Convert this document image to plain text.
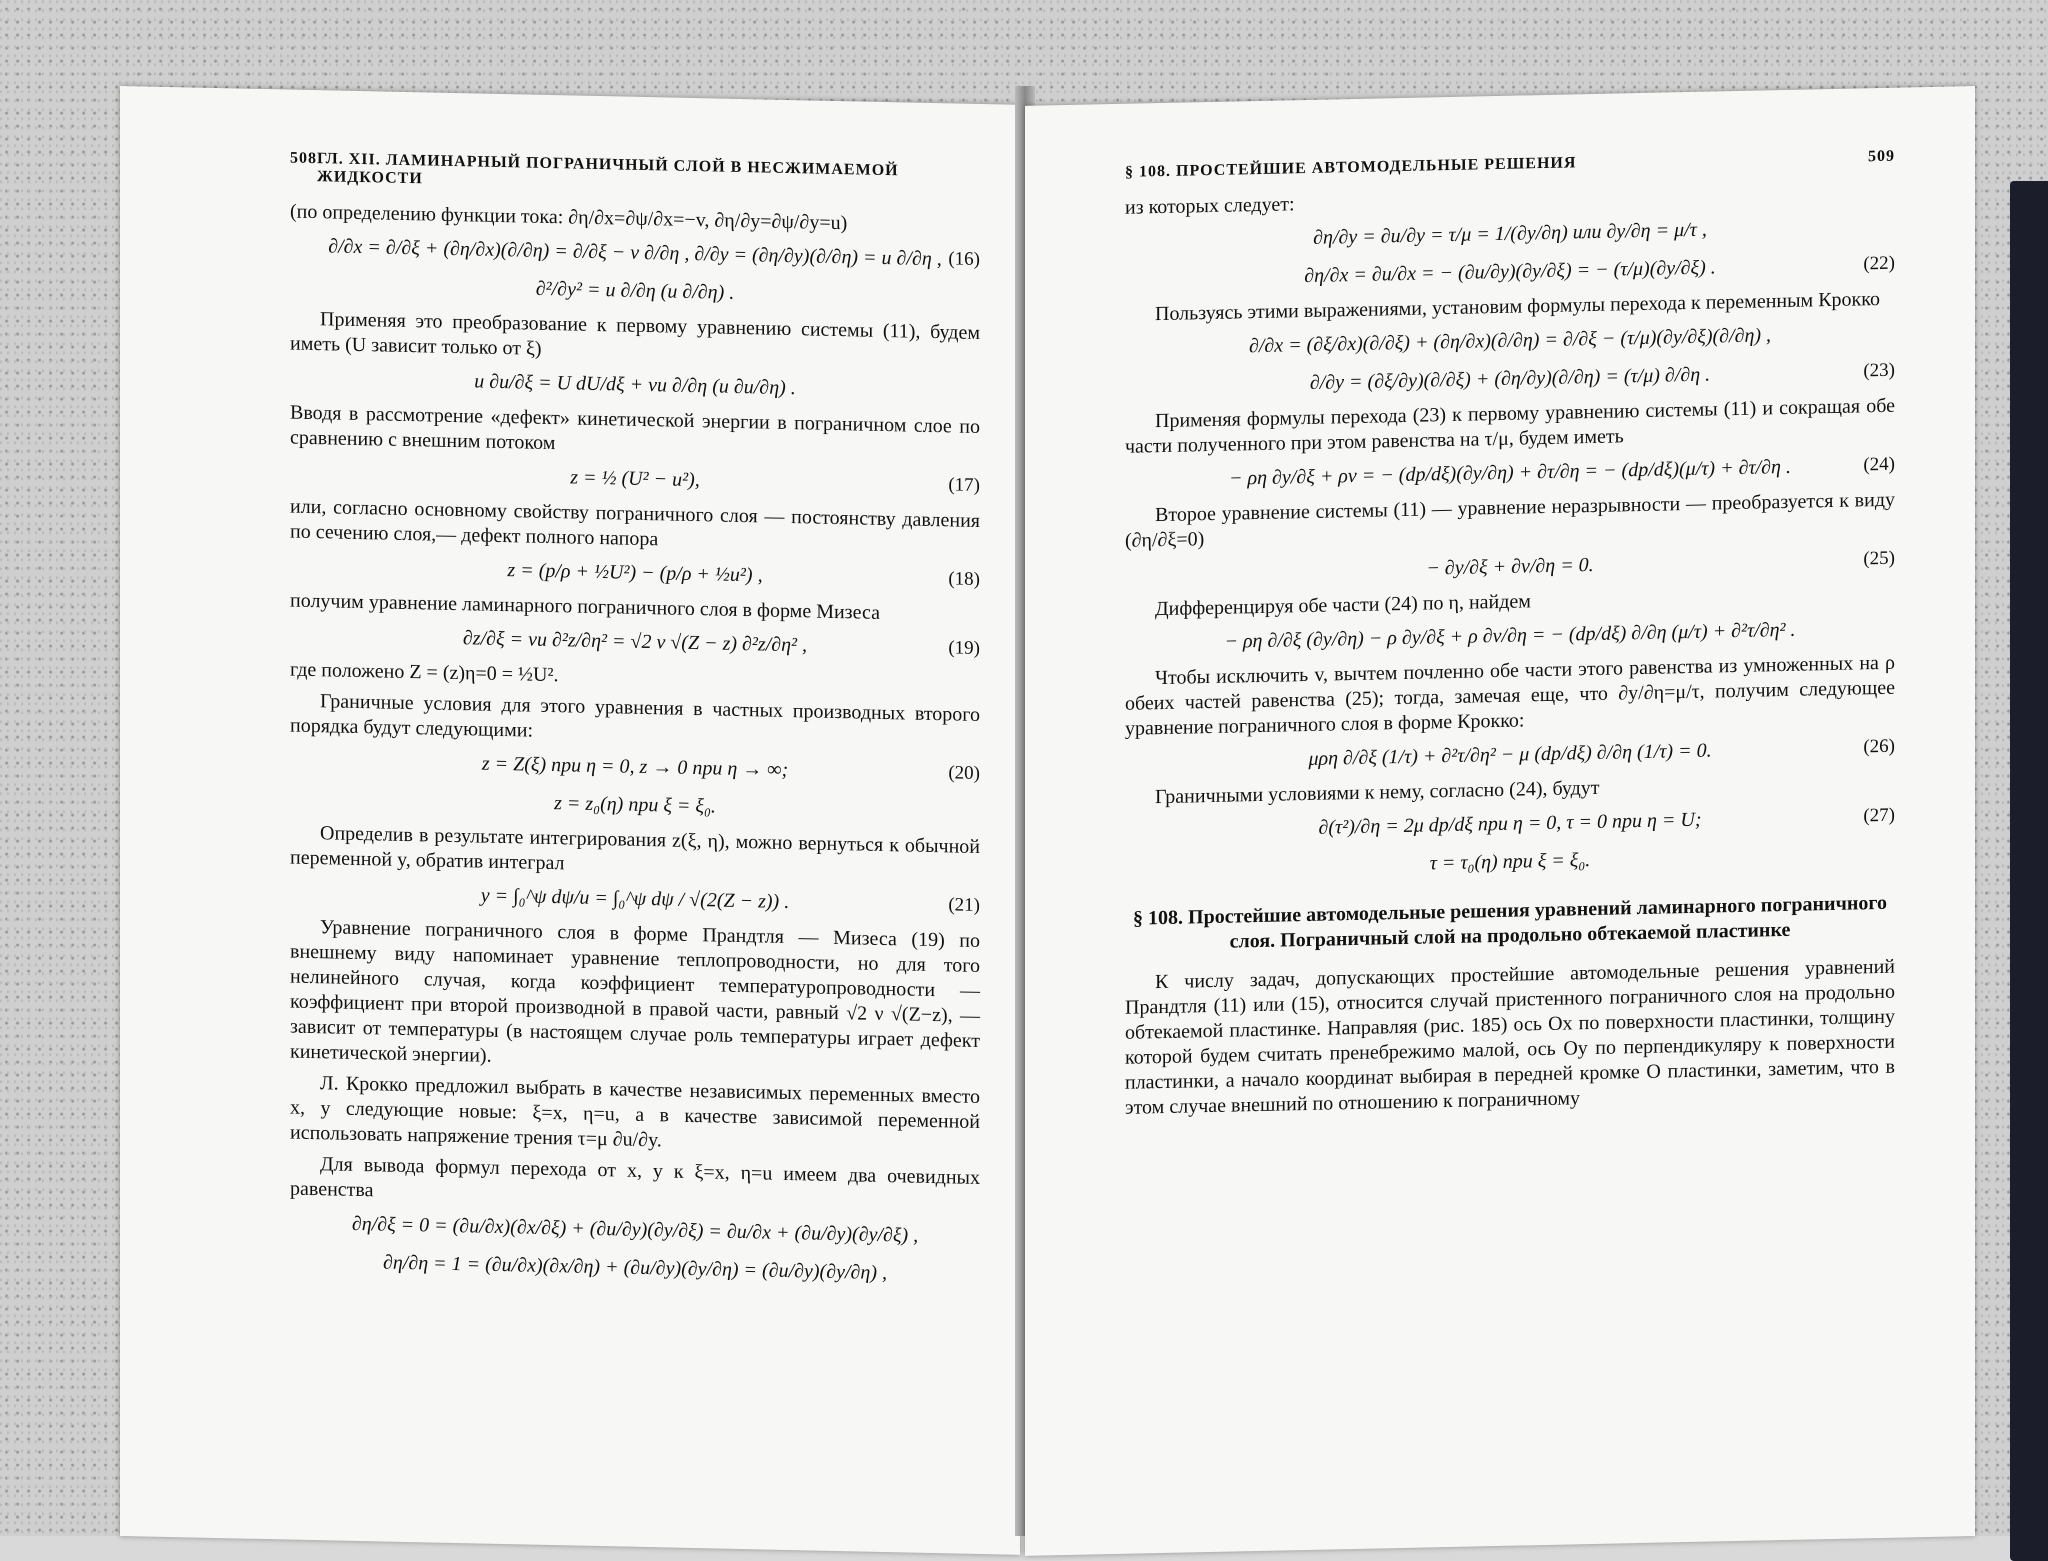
508 ГЛ. XII. ЛАМИНАРНЫЙ ПОГРАНИЧНЫЙ СЛОЙ В НЕСЖИМАЕМОЙ ЖИДКОСТИ

(по определению функции тока: ∂η/∂x=∂ψ/∂x=−v, ∂η/∂y=∂ψ/∂y=u)

∂/∂x = ∂/∂ξ + (∂η/∂x)(∂/∂η) = ∂/∂ξ − v ∂/∂η , ∂/∂y = (∂η/∂y)(∂/∂η) = u ∂/∂η , (16)
∂²/∂y² = u ∂/∂η (u ∂/∂η) .

Применяя это преобразование к первому уравнению системы (11), будем иметь (U зависит только от ξ)

u ∂u/∂ξ = U dU/dξ + νu ∂/∂η (u ∂u/∂η) .

Вводя в рассмотрение «дефект» кинетической энергии в пограничном слое по сравнению с внешним потоком

z = ½ (U² − u²),	(17)

или, согласно основному свойству пограничного слоя — постоянству давления по сечению слоя,— дефект полного напора

z = (p/ρ + ½U²) − (p/ρ + ½u²) ,	(18)

получим уравнение ламинарного пограничного слоя в форме Мизеса

∂z/∂ξ = νu ∂²z/∂η² = √2 ν √(Z − z) ∂²z/∂η² ,	(19)

где положено Z = (z)η=0 = ½U².

Граничные условия для этого уравнения в частных производных второго порядка будут следующими:

z = Z(ξ) при η = 0, z → 0 при η → ∞;	(20)
z = z₀(η) при ξ = ξ₀.

Определив в результате интегрирования z(ξ, η), можно вернуться к обычной переменной y, обратив интеграл

y = ∫₀^ψ dψ/u = ∫₀^ψ dψ / √(2(Z − z)) .	(21)

Уравнение пограничного слоя в форме Прандтля — Мизеса (19) по внешнему виду напоминает уравнение теплопроводности, но для того нелинейного случая, когда коэффициент температуропроводности — коэффициент при второй производной в правой части, равный √2 ν √(Z−z), — зависит от температуры (в настоящем случае роль температуры играет дефект кинетической энергии).

Л. Крокко предложил выбрать в качестве независимых переменных вместо x, y следующие новые: ξ=x, η=u, а в качестве зависимой переменной использовать напряжение трения τ=μ ∂u/∂y.

Для вывода формул перехода от x, y к ξ=x, η=u имеем два очевидных равенства

∂η/∂ξ = 0 = (∂u/∂x)(∂x/∂ξ) + (∂u/∂y)(∂y/∂ξ) = ∂u/∂x + (∂u/∂y)(∂y/∂ξ) ,
∂η/∂η = 1 = (∂u/∂x)(∂x/∂η) + (∂u/∂y)(∂y/∂η) = (∂u/∂y)(∂y/∂η) ,
§ 108. ПРОСТЕЙШИЕ АВТОМОДЕЛЬНЫЕ РЕШЕНИЯ	509

из которых следует:

∂η/∂y = ∂u/∂y = τ/μ = 1/(∂y/∂η) или ∂y/∂η = μ/τ ,
∂η/∂x = ∂u/∂x = − (∂u/∂y)(∂y/∂ξ) = − (τ/μ)(∂y/∂ξ) .	(22)

Пользуясь этими выражениями, установим формулы перехода к переменным Крокко

∂/∂x = (∂ξ/∂x)(∂/∂ξ) + (∂η/∂x)(∂/∂η) = ∂/∂ξ − (τ/μ)(∂y/∂ξ)(∂/∂η) ,
∂/∂y = (∂ξ/∂y)(∂/∂ξ) + (∂η/∂y)(∂/∂η) = (τ/μ) ∂/∂η .	(23)

Применяя формулы перехода (23) к первому уравнению системы (11) и сокращая обе части полученного при этом равенства на τ/μ, будем иметь

− ρη ∂y/∂ξ + ρv = − (dp/dξ)(∂y/∂η) + ∂τ/∂η = − (dp/dξ)(μ/τ) + ∂τ/∂η .	(24)

Второе уравнение системы (11) — уравнение неразрывности — преобразуется к виду (∂η/∂ξ=0)

− ∂y/∂ξ + ∂v/∂η = 0.	(25)

Дифференцируя обе части (24) по η, найдем

− ρη ∂/∂ξ (∂y/∂η) − ρ ∂y/∂ξ + ρ ∂v/∂η = − (dp/dξ) ∂/∂η (μ/τ) + ∂²τ/∂η² .

Чтобы исключить v, вычтем почленно обе части этого равенства из умноженных на ρ обеих частей равенства (25); тогда, замечая еще, что ∂y/∂η=μ/τ, получим следующее уравнение пограничного слоя в форме Крокко:

μρη ∂/∂ξ (1/τ) + ∂²τ/∂η² − μ (dp/dξ) ∂/∂η (1/τ) = 0.	(26)

Граничными условиями к нему, согласно (24), будут

∂(τ²)/∂η = 2μ dp/dξ при η = 0, τ = 0 при η = U;	(27)
τ = τ₀(η) при ξ = ξ₀.
§ 108. Простейшие автомодельные решения уравнений ламинарного пограничного слоя. Пограничный слой на продольно обтекаемой пластинке

К числу задач, допускающих простейшие автомодельные решения уравнений Прандтля (11) или (15), относится случай пристенного пограничного слоя на продольно обтекаемой пластинке. Направляя (рис. 185) ось Ox по поверхности пластинки, толщину которой будем считать пренебрежимо малой, ось Oy по перпендикуляру к поверхности пластинки, а начало координат выбирая в передней кромке O пластинки, заметим, что в этом случае внешний по отношению к пограничному
